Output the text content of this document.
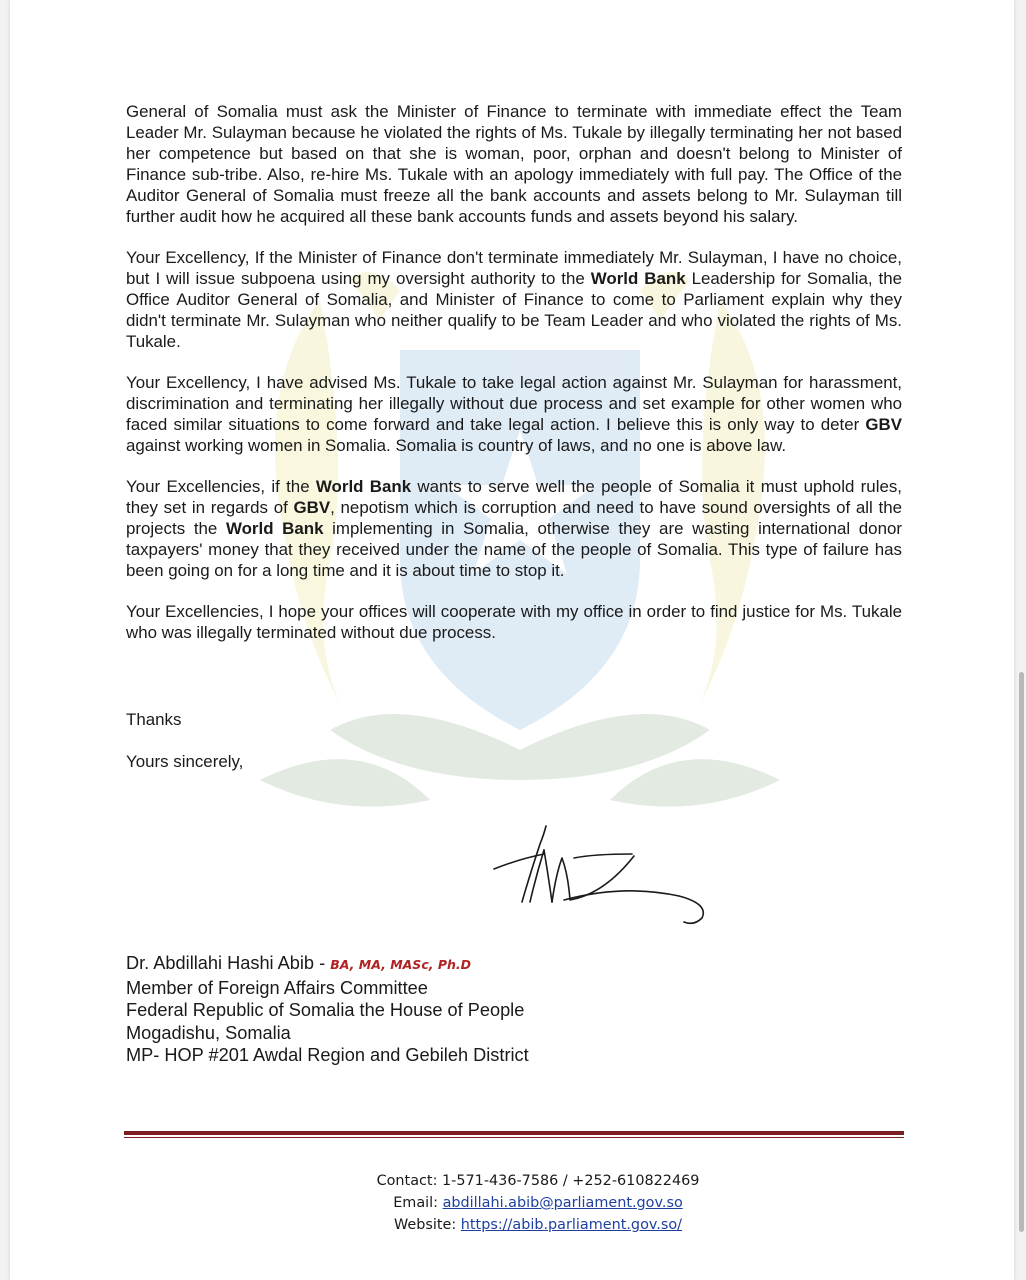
General of Somalia must ask the Minister of Finance to terminate with immediate effect the Team Leader Mr. Sulayman because he violated the rights of Ms. Tukale by illegally terminating her not based her competence but based on that she is woman, poor, orphan and doesn't belong to Minister of Finance sub-tribe. Also, re-hire Ms. Tukale with an apology immediately with full pay. The Office of the Auditor General of Somalia must freeze all the bank accounts and assets belong to Mr. Sulayman till further audit how he acquired all these bank accounts funds and assets beyond his salary.

Your Excellency, If the Minister of Finance don't terminate immediately Mr. Sulayman, I have no choice, but I will issue subpoena using my oversight authority to the World Bank Leadership for Somalia, the Office Auditor General of Somalia, and Minister of Finance to come to Parliament explain why they didn't terminate Mr. Sulayman who neither qualify to be Team Leader and who violated the rights of Ms. Tukale.

Your Excellency, I have advised Ms. Tukale to take legal action against Mr. Sulayman for harassment, discrimination and terminating her illegally without due process and set example for other women who faced similar situations to come forward and take legal action. I believe this is only way to deter GBV against working women in Somalia. Somalia is country of laws, and no one is above law.

Your Excellencies, if the World Bank wants to serve well the people of Somalia it must uphold rules, they set in regards of GBV, nepotism which is corruption and need to have sound oversights of all the projects the World Bank implementing in Somalia, otherwise they are wasting international donor taxpayers' money that they received under the name of the people of Somalia. This type of failure has been going on for a long time and it is about time to stop it.

Your Excellencies, I hope your offices will cooperate with my office in order to find justice for Ms. Tukale who was illegally terminated without due process.

Thanks

Yours sincerely,

Dr. Abdillahi Hashi Abib - BA, MA, MASc, Ph.D
Member of Foreign Affairs Committee
Federal Republic of Somalia the House of People
Mogadishu, Somalia
MP- HOP #201 Awdal Region and Gebileh District
Contact: 1-571-436-7586 / +252-610822469
Email: abdillahi.abib@parliament.gov.so
Website: https://abib.parliament.gov.so/
